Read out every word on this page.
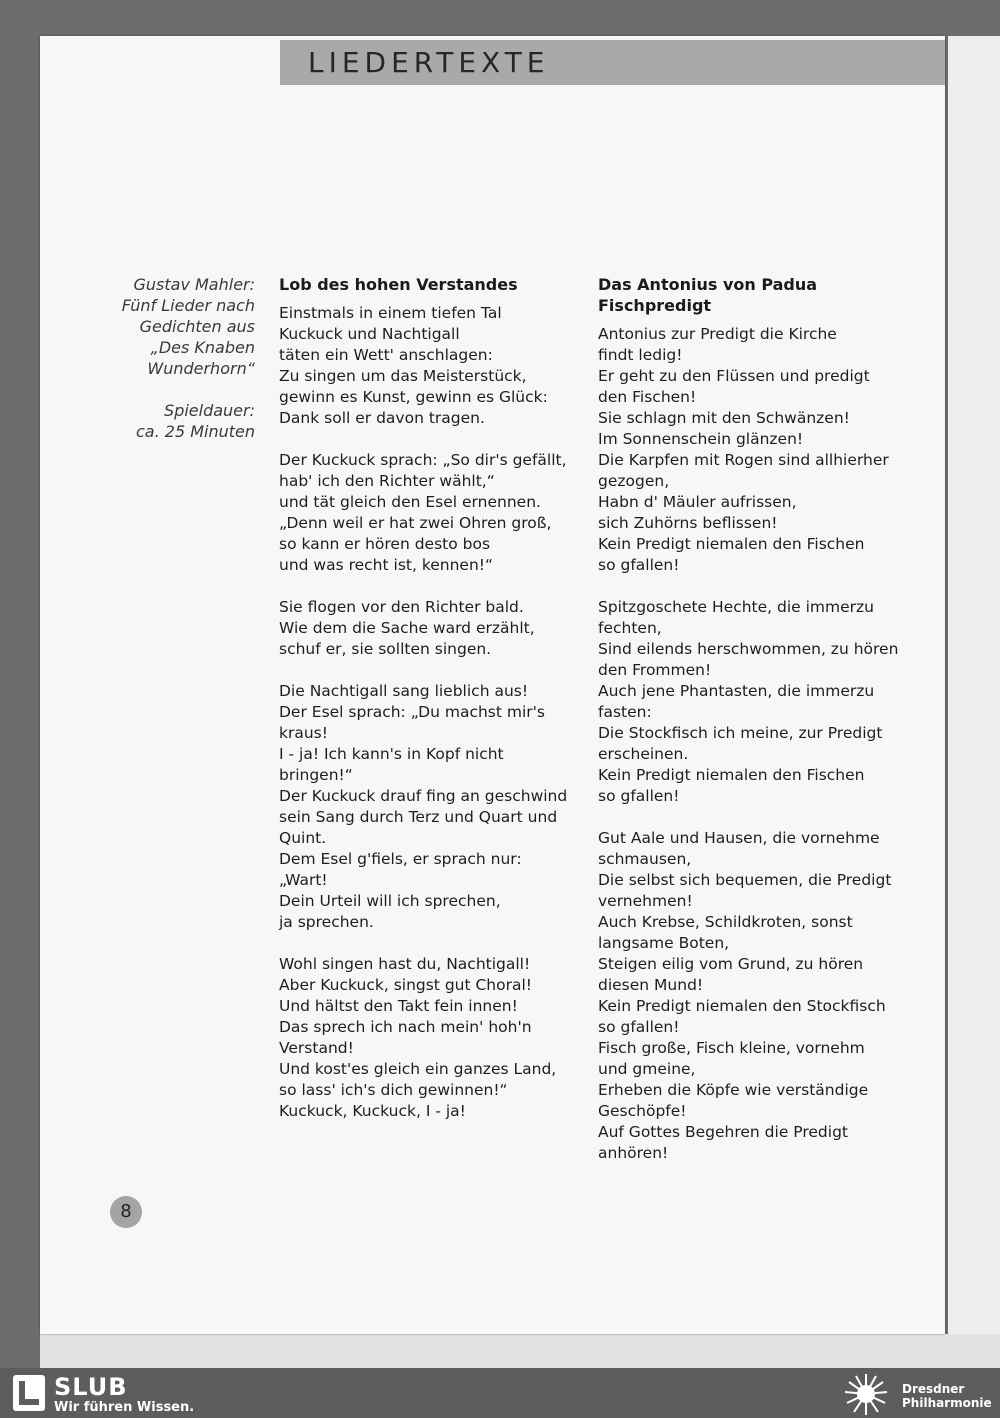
LIEDERTEXTE

Gustav Mahler:
Fünf Lieder nach
Gedichten aus
„Des Knaben
Wunderhorn“

Spieldauer:
ca. 25 Minuten

Lob des hohen Verstandes
Einstmals in einem tiefen Tal
Kuckuck und Nachtigall
täten ein Wett' anschlagen:
Zu singen um das Meisterstück,
gewinn es Kunst, gewinn es Glück:
Dank soll er davon tragen.
Der Kuckuck sprach: „So dir's gefällt,
hab' ich den Richter wählt,“
und tät gleich den Esel ernennen.
„Denn weil er hat zwei Ohren groß,
so kann er hören desto bos
und was recht ist, kennen!“
Sie flogen vor den Richter bald.
Wie dem die Sache ward erzählt,
schuf er, sie sollten singen.
Die Nachtigall sang lieblich aus!
Der Esel sprach: „Du machst mir's
kraus!
I - ja! Ich kann's in Kopf nicht
bringen!“
Der Kuckuck drauf fing an geschwind
sein Sang durch Terz und Quart und
Quint.
Dem Esel g'fiels, er sprach nur:
„Wart!
Dein Urteil will ich sprechen,
ja sprechen.
Wohl singen hast du, Nachtigall!
Aber Kuckuck, singst gut Choral!
Und hältst den Takt fein innen!
Das sprech ich nach mein' hoh'n
Verstand!
Und kost'es gleich ein ganzes Land,
so lass' ich's dich gewinnen!“
Kuckuck, Kuckuck, I - ja!
Das Antonius von Padua
Fischpredigt
Antonius zur Predigt die Kirche
findt ledig!
Er geht zu den Flüssen und predigt
den Fischen!
Sie schlagn mit den Schwänzen!
Im Sonnenschein glänzen!
Die Karpfen mit Rogen sind allhierher
gezogen,
Habn d' Mäuler aufrissen,
sich Zuhörns beflissen!
Kein Predigt niemalen den Fischen
so gfallen!
Spitzgoschete Hechte, die immerzu
fechten,
Sind eilends herschwommen, zu hören
den Frommen!
Auch jene Phantasten, die immerzu
fasten:
Die Stockfisch ich meine, zur Predigt
erscheinen.
Kein Predigt niemalen den Fischen
so gfallen!
Gut Aale und Hausen, die vornehme
schmausen,
Die selbst sich bequemen, die Predigt
vernehmen!
Auch Krebse, Schildkroten, sonst
langsame Boten,
Steigen eilig vom Grund, zu hören
diesen Mund!
Kein Predigt niemalen den Stockfisch
so gfallen!
Fisch große, Fisch kleine, vornehm
und gmeine,
Erheben die Köpfe wie verständige
Geschöpfe!
Auf Gottes Begehren die Predigt
anhören!
8
SLUB
Wir führen Wissen.
Dresdner
Philharmonie
